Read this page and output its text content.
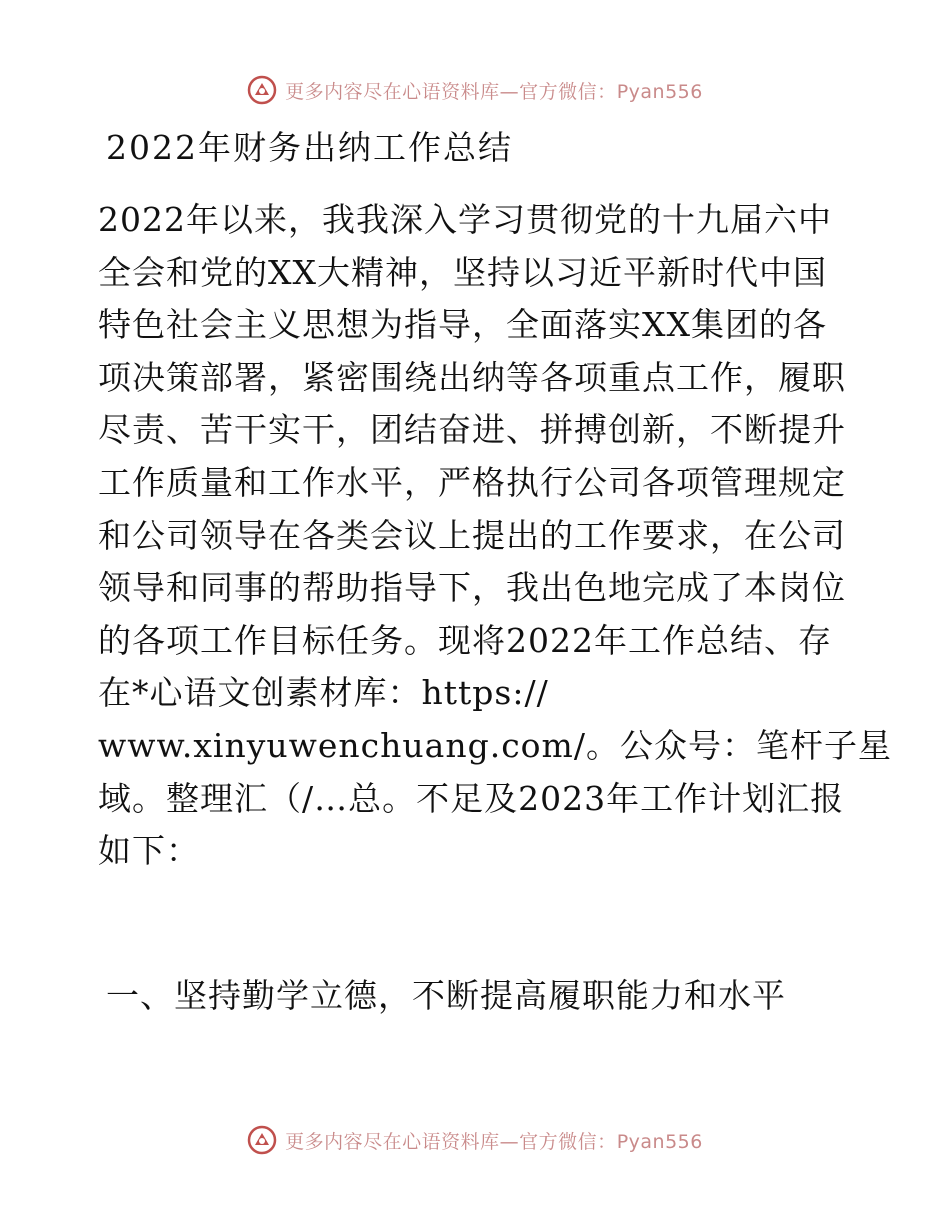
更多内容尽在心语资料库—官方微信：Pyan556
2022年财务出纳工作总结
2022年以来，我我深入学习贯彻党的十九届六中
全会和党的XX大精神，坚持以习近平新时代中国
特色社会主义思想为指导，全面落实XX集团的各
项决策部署，紧密围绕出纳等各项重点工作，履职
尽责、苦干实干，团结奋进、拼搏创新，不断提升
工作质量和工作水平，严格执行公司各项管理规定
和公司领导在各类会议上提出的工作要求，在公司
领导和同事的帮助指导下，我出色地完成了本岗位
的各项工作目标任务。现将2022年工作总结、存
在*心语文创素材库：https://
www.xinyuwenchuang.com/。公众号：笔杆子星
域。整理汇（/…总。不足及2023年工作计划汇报
如下：
一、坚持勤学立德，不断提高履职能力和水平
更多内容尽在心语资料库—官方微信：Pyan556
